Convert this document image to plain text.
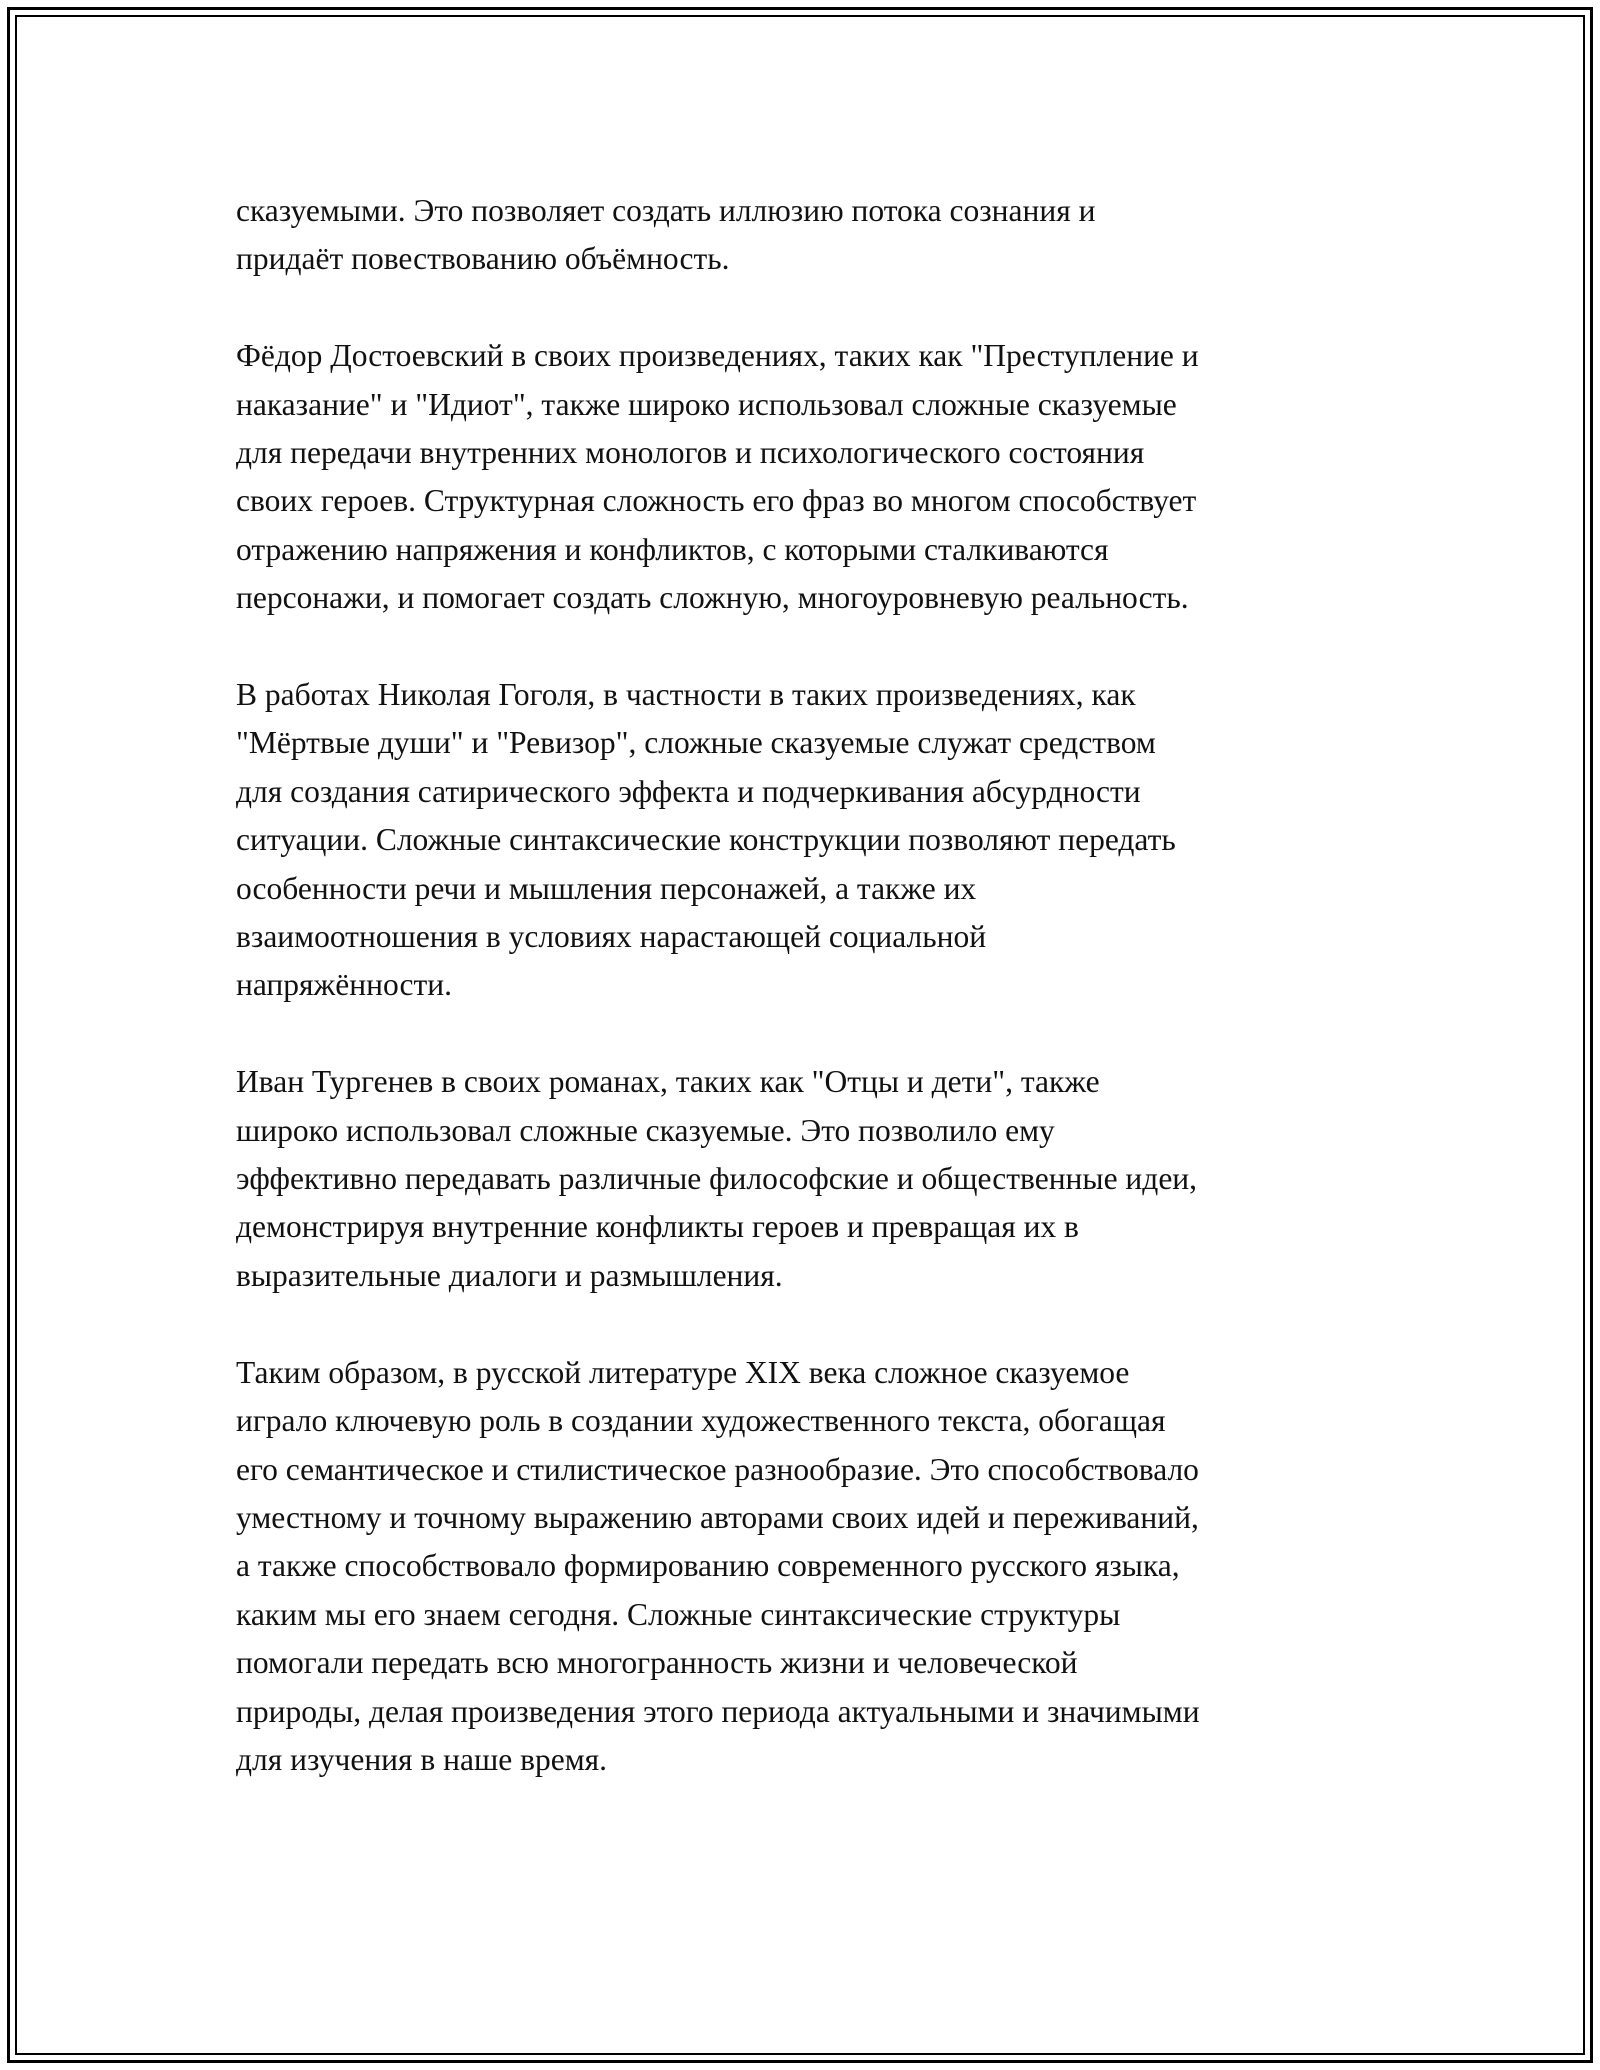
сказуемыми. Это позволяет создать иллюзию потока сознания и
придаёт повествованию объёмность.

Фёдор Достоевский в своих произведениях, таких как "Преступление и
наказание" и "Идиот", также широко использовал сложные сказуемые
для передачи внутренних монологов и психологического состояния
своих героев. Структурная сложность его фраз во многом способствует
отражению напряжения и конфликтов, с которыми сталкиваются
персонажи, и помогает создать сложную, многоуровневую реальность.

В работах Николая Гоголя, в частности в таких произведениях, как
"Мёртвые души" и "Ревизор", сложные сказуемые служат средством
для создания сатирического эффекта и подчеркивания абсурдности
ситуации. Сложные синтаксические конструкции позволяют передать
особенности речи и мышления персонажей, а также их
взаимоотношения в условиях нарастающей социальной
напряжённости.

Иван Тургенев в своих романах, таких как "Отцы и дети", также
широко использовал сложные сказуемые. Это позволило ему
эффективно передавать различные философские и общественные идеи,
демонстрируя внутренние конфликты героев и превращая их в
выразительные диалоги и размышления.

Таким образом, в русской литературе XIX века сложное сказуемое
играло ключевую роль в создании художественного текста, обогащая
его семантическое и стилистическое разнообразие. Это способствовало
уместному и точному выражению авторами своих идей и переживаний,
а также способствовало формированию современного русского языка,
каким мы его знаем сегодня. Сложные синтаксические структуры
помогали передать всю многогранность жизни и человеческой
природы, делая произведения этого периода актуальными и значимыми
для изучения в наше время.
